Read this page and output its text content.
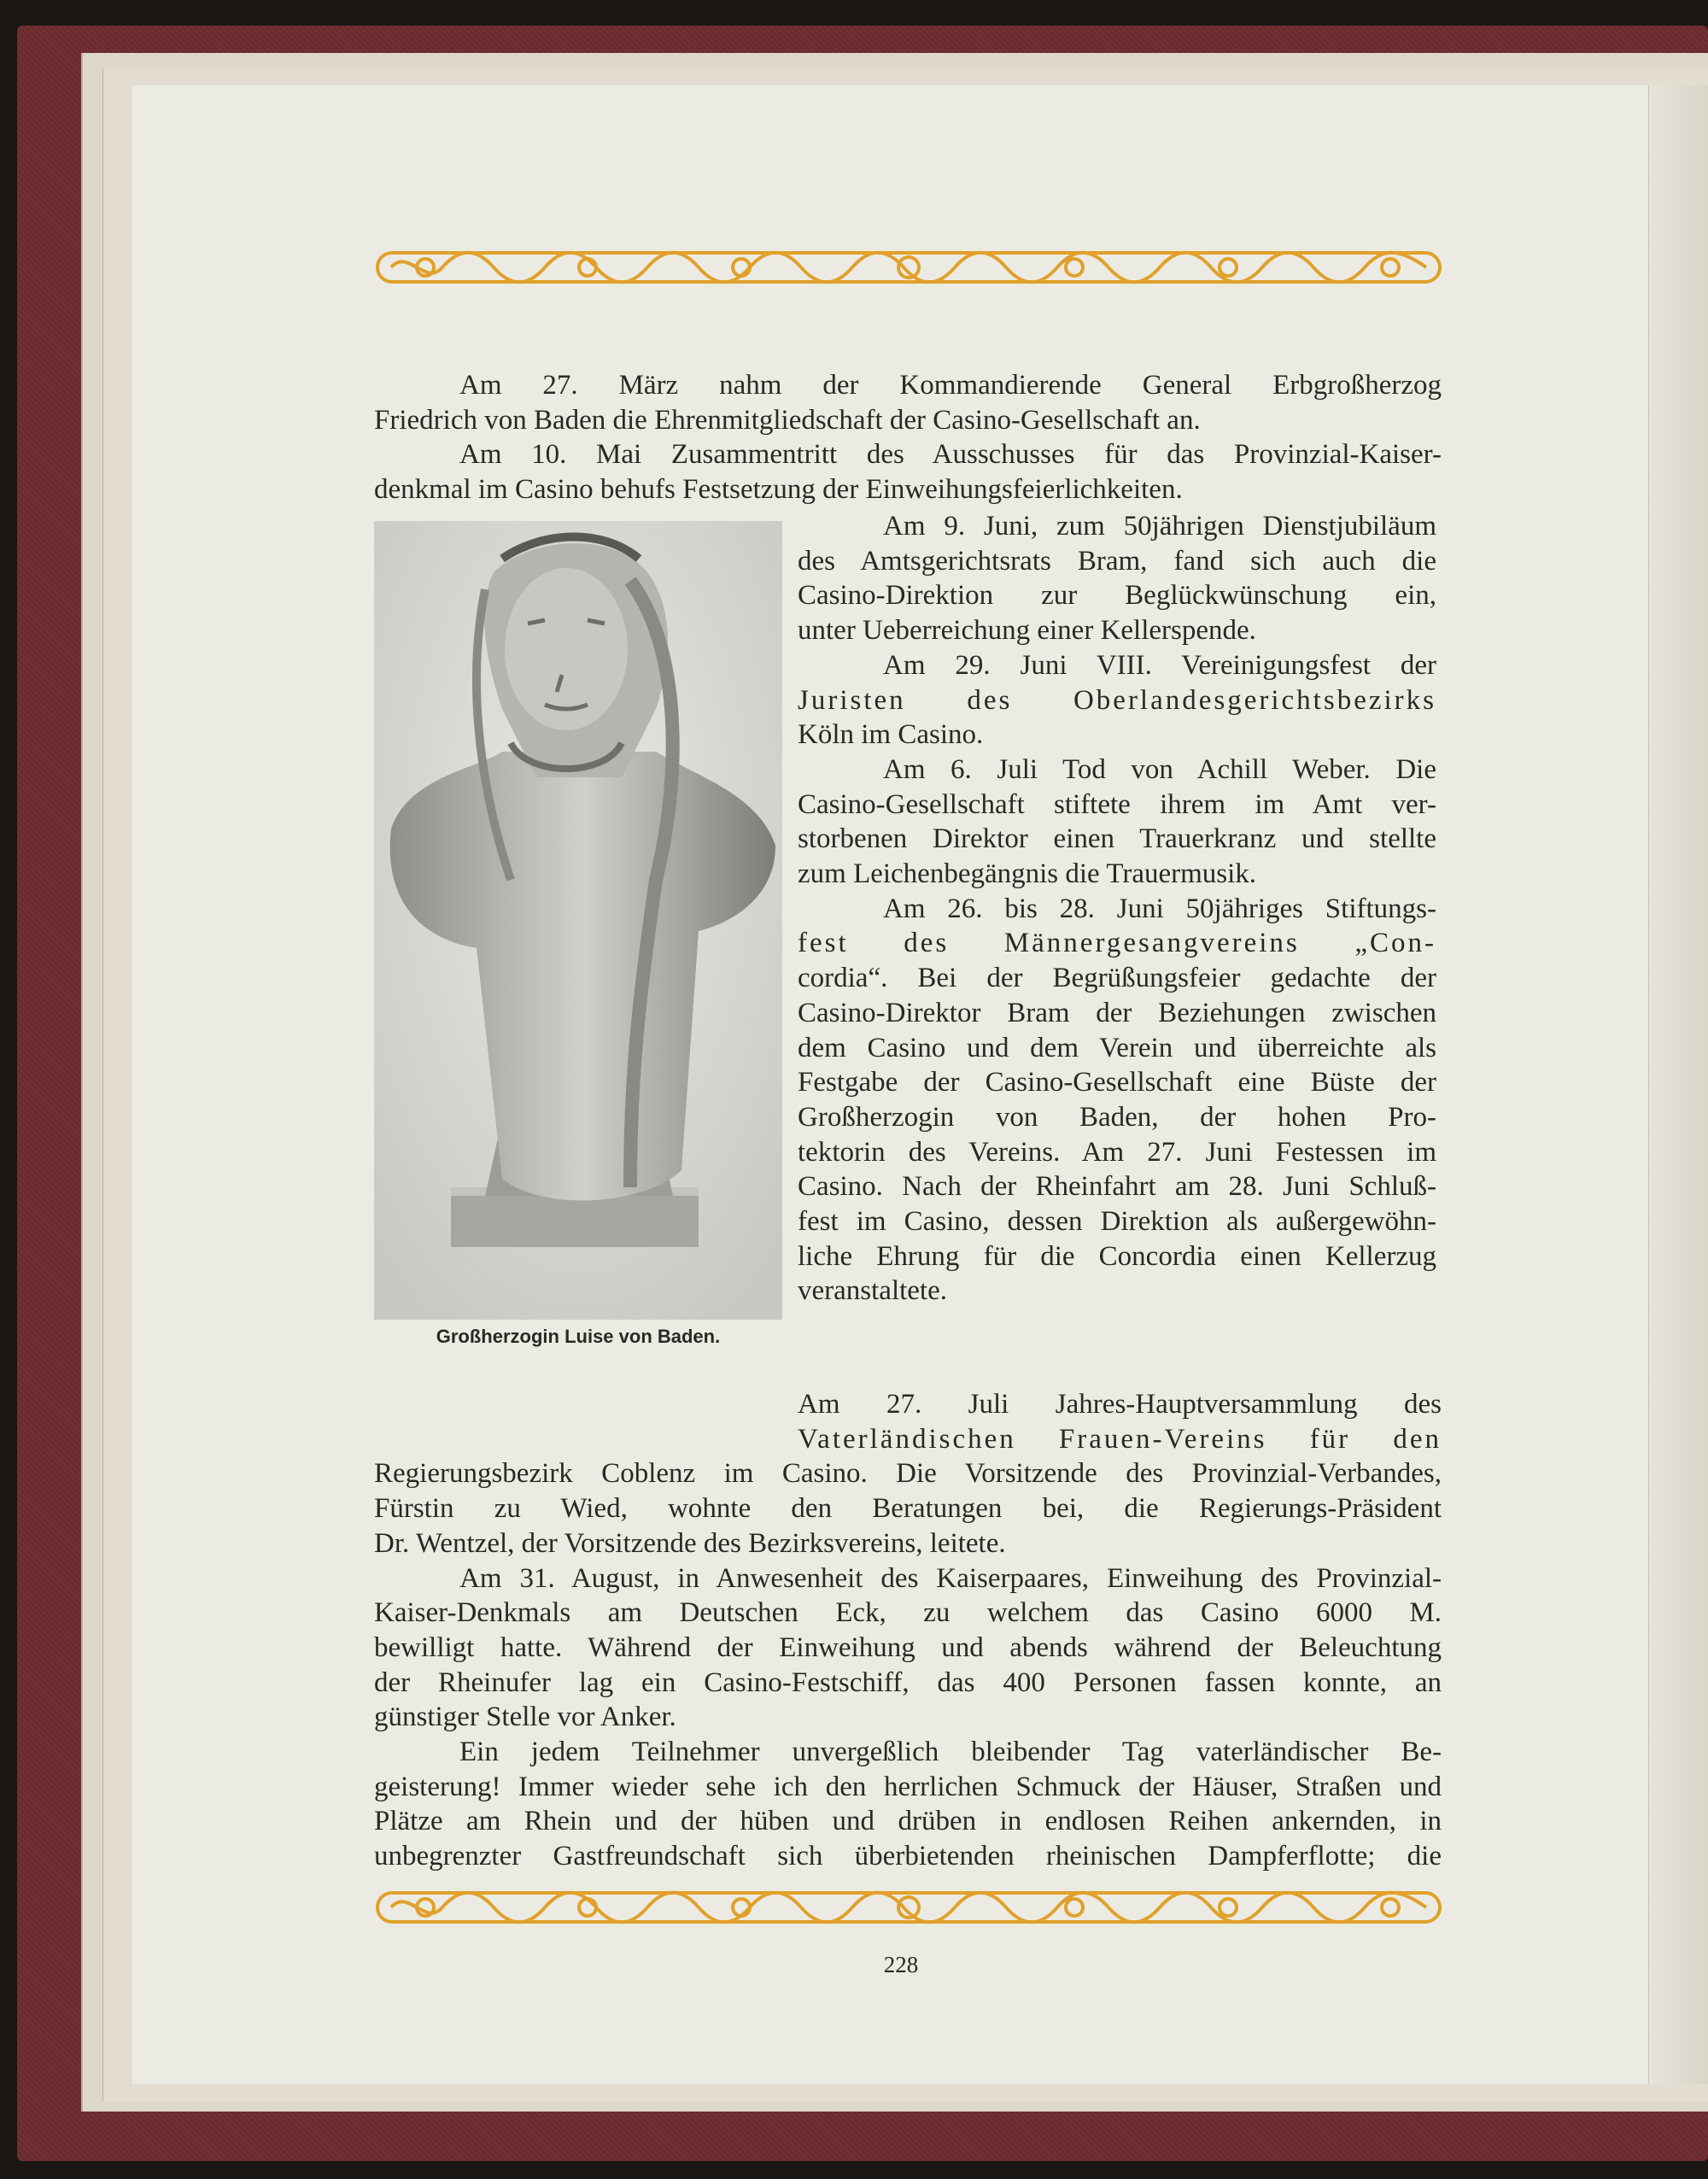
Am 27. März nahm der Kommandierende General Erbgroßherzog

Friedrich von Baden die Ehrenmitgliedschaft der Casino-Gesellschaft an.

Am 10. Mai Zusammentritt des Ausschusses für das Provinzial-Kaiser-

denkmal im Casino behufs Festsetzung der Einweihungsfeierlichkeiten.

Großherzogin Luise von Baden.

Am 9. Juni, zum 50jährigen Dienstjubiläum

des Amtsgerichtsrats Bram, fand sich auch die

Casino-Direktion zur Beglückwünschung ein,

unter Ueberreichung einer Kellerspende.

Am 29. Juni VIII. Vereinigungsfest der

Juristen des Oberlandesgerichtsbezirks

Köln im Casino.

Am 6. Juli Tod von Achill Weber. Die

Casino-Gesellschaft stiftete ihrem im Amt ver-

storbenen Direktor einen Trauerkranz und stellte

zum Leichenbegängnis die Trauermusik.

Am 26. bis 28. Juni 50jähriges Stiftungs-

fest des Männergesangvereins „Con-

cordia“. Bei der Begrüßungsfeier gedachte der

Casino-Direktor Bram der Beziehungen zwischen

dem Casino und dem Verein und überreichte als

Festgabe der Casino-Gesellschaft eine Büste der

Großherzogin von Baden, der hohen Pro-

tektorin des Vereins. Am 27. Juni Festessen im

Casino. Nach der Rheinfahrt am 28. Juni Schluß-

fest im Casino, dessen Direktion als außergewöhn-

liche Ehrung für die Concordia einen Kellerzug

veranstaltete.

Am 27. Juli Jahres-Hauptversammlung des

Vaterländischen Frauen-Vereins für den

Regierungsbezirk Coblenz im Casino. Die Vorsitzende des Provinzial-Verbandes,

Fürstin zu Wied, wohnte den Beratungen bei, die Regierungs-Präsident

Dr. Wentzel, der Vorsitzende des Bezirksvereins, leitete.

Am 31. August, in Anwesenheit des Kaiserpaares, Einweihung des Provinzial-

Kaiser-Denkmals am Deutschen Eck, zu welchem das Casino 6000 M.

bewilligt hatte. Während der Einweihung und abends während der Beleuchtung

der Rheinufer lag ein Casino-Festschiff, das 400 Personen fassen konnte, an

günstiger Stelle vor Anker.

Ein jedem Teilnehmer unvergeßlich bleibender Tag vaterländischer Be-

geisterung! Immer wieder sehe ich den herrlichen Schmuck der Häuser, Straßen und

Plätze am Rhein und der hüben und drüben in endlosen Reihen ankernden, in

unbegrenzter Gastfreundschaft sich überbietenden rheinischen Dampferflotte; die

228
